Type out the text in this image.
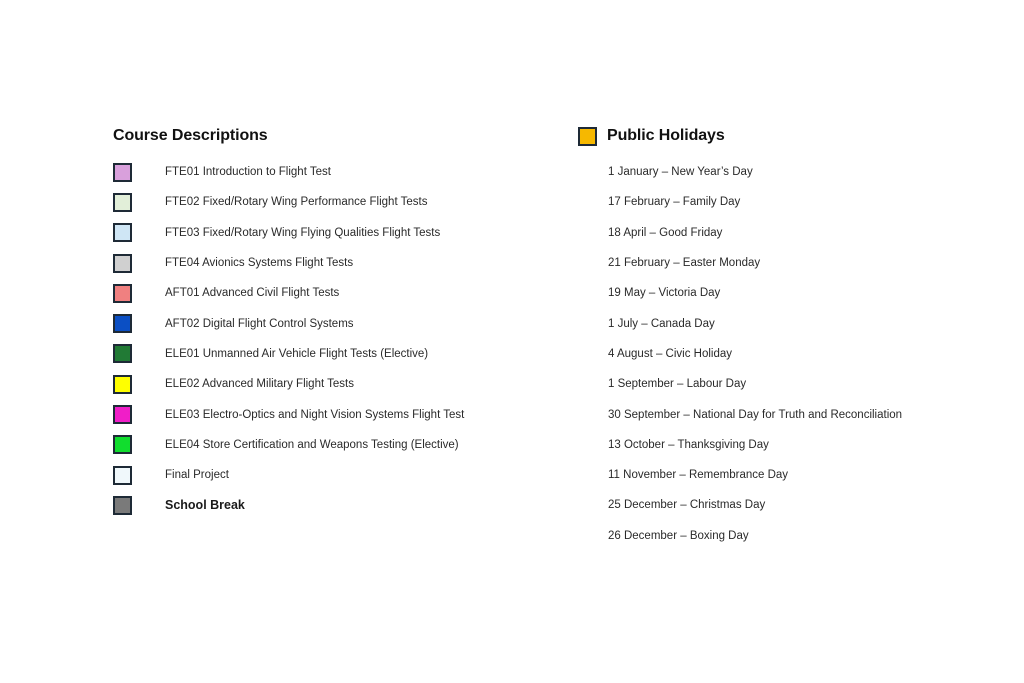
Course Descriptions
FTE01 Introduction to Flight Test
FTE02 Fixed/Rotary Wing Performance Flight Tests
FTE03 Fixed/Rotary Wing Flying Qualities Flight Tests
FTE04 Avionics Systems Flight Tests
AFT01 Advanced Civil Flight Tests
AFT02 Digital Flight Control Systems
ELE01 Unmanned Air Vehicle Flight Tests (Elective)
ELE02 Advanced Military Flight Tests
ELE03 Electro-Optics and Night Vision Systems Flight Test
ELE04 Store Certification and Weapons Testing (Elective)
Final Project
School Break
Public Holidays
1 January – New Year’s Day
17 February – Family Day
18 April – Good Friday
21 February – Easter Monday
19 May – Victoria Day
1 July – Canada Day
4 August – Civic Holiday
1 September – Labour Day
30 September – National Day for Truth and Reconciliation
13 October – Thanksgiving Day
11 November – Remembrance Day
25 December – Christmas Day
26 December – Boxing Day
